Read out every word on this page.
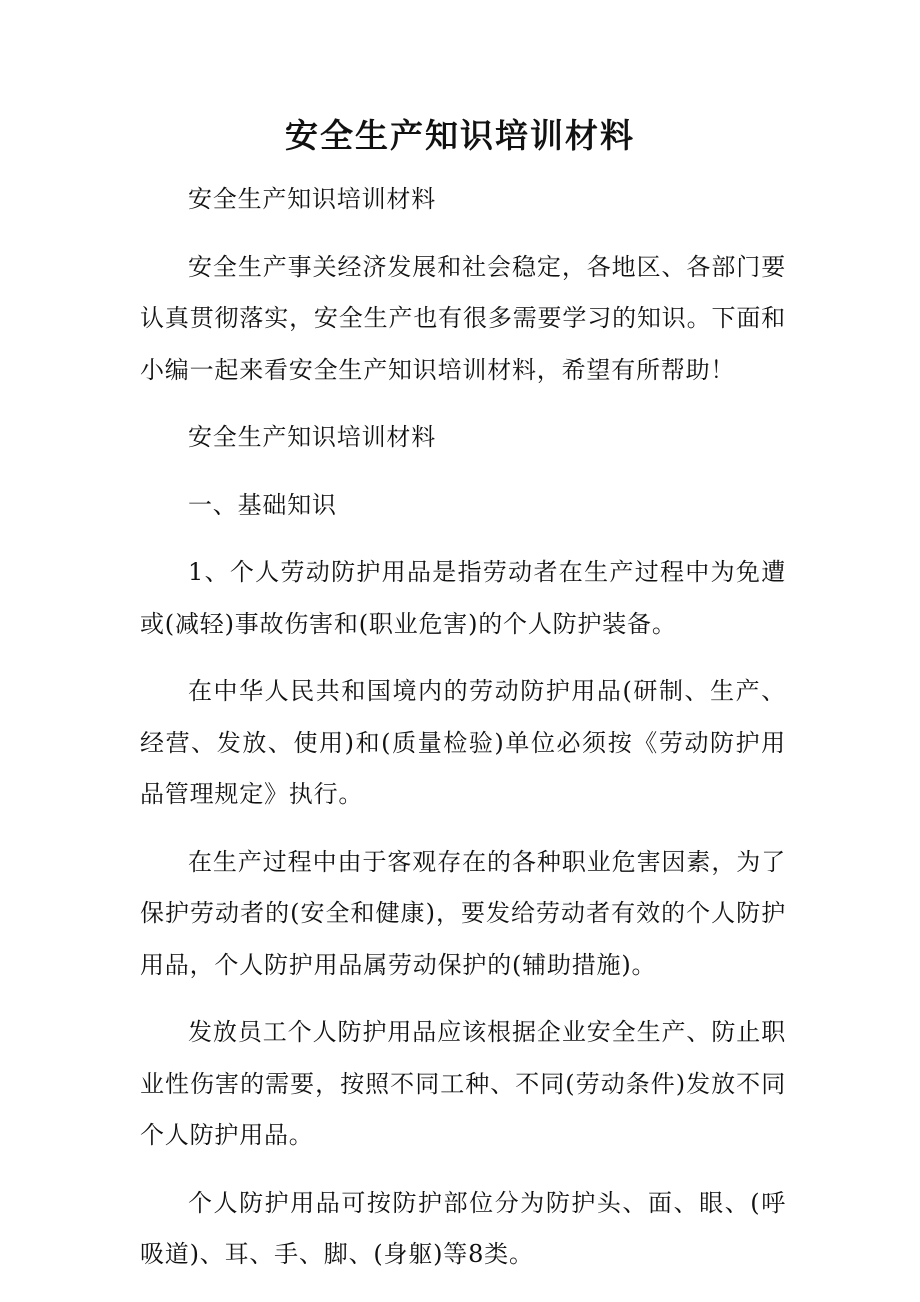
安全生产知识培训材料

安全生产知识培训材料

安全生产事关经济发展和社会稳定，各地区、各部门要认真贯彻落实，安全生产也有很多需要学习的知识。下面和小编一起来看安全生产知识培训材料，希望有所帮助！

安全生产知识培训材料

一、基础知识

1、个人劳动防护用品是指劳动者在生产过程中为免遭或(减轻)事故伤害和(职业危害)的个人防护装备。

在中华人民共和国境内的劳动防护用品(研制、生产、经营、发放、使用)和(质量检验)单位必须按《劳动防护用品管理规定》执行。

在生产过程中由于客观存在的各种职业危害因素，为了保护劳动者的(安全和健康)，要发给劳动者有效的个人防护用品，个人防护用品属劳动保护的(辅助措施)。

发放员工个人防护用品应该根据企业安全生产、防止职业性伤害的需要，按照不同工种、不同(劳动条件)发放不同个人防护用品。

个人防护用品可按防护部位分为防护头、面、眼、(呼吸道)、耳、手、脚、(身躯)等8类。
